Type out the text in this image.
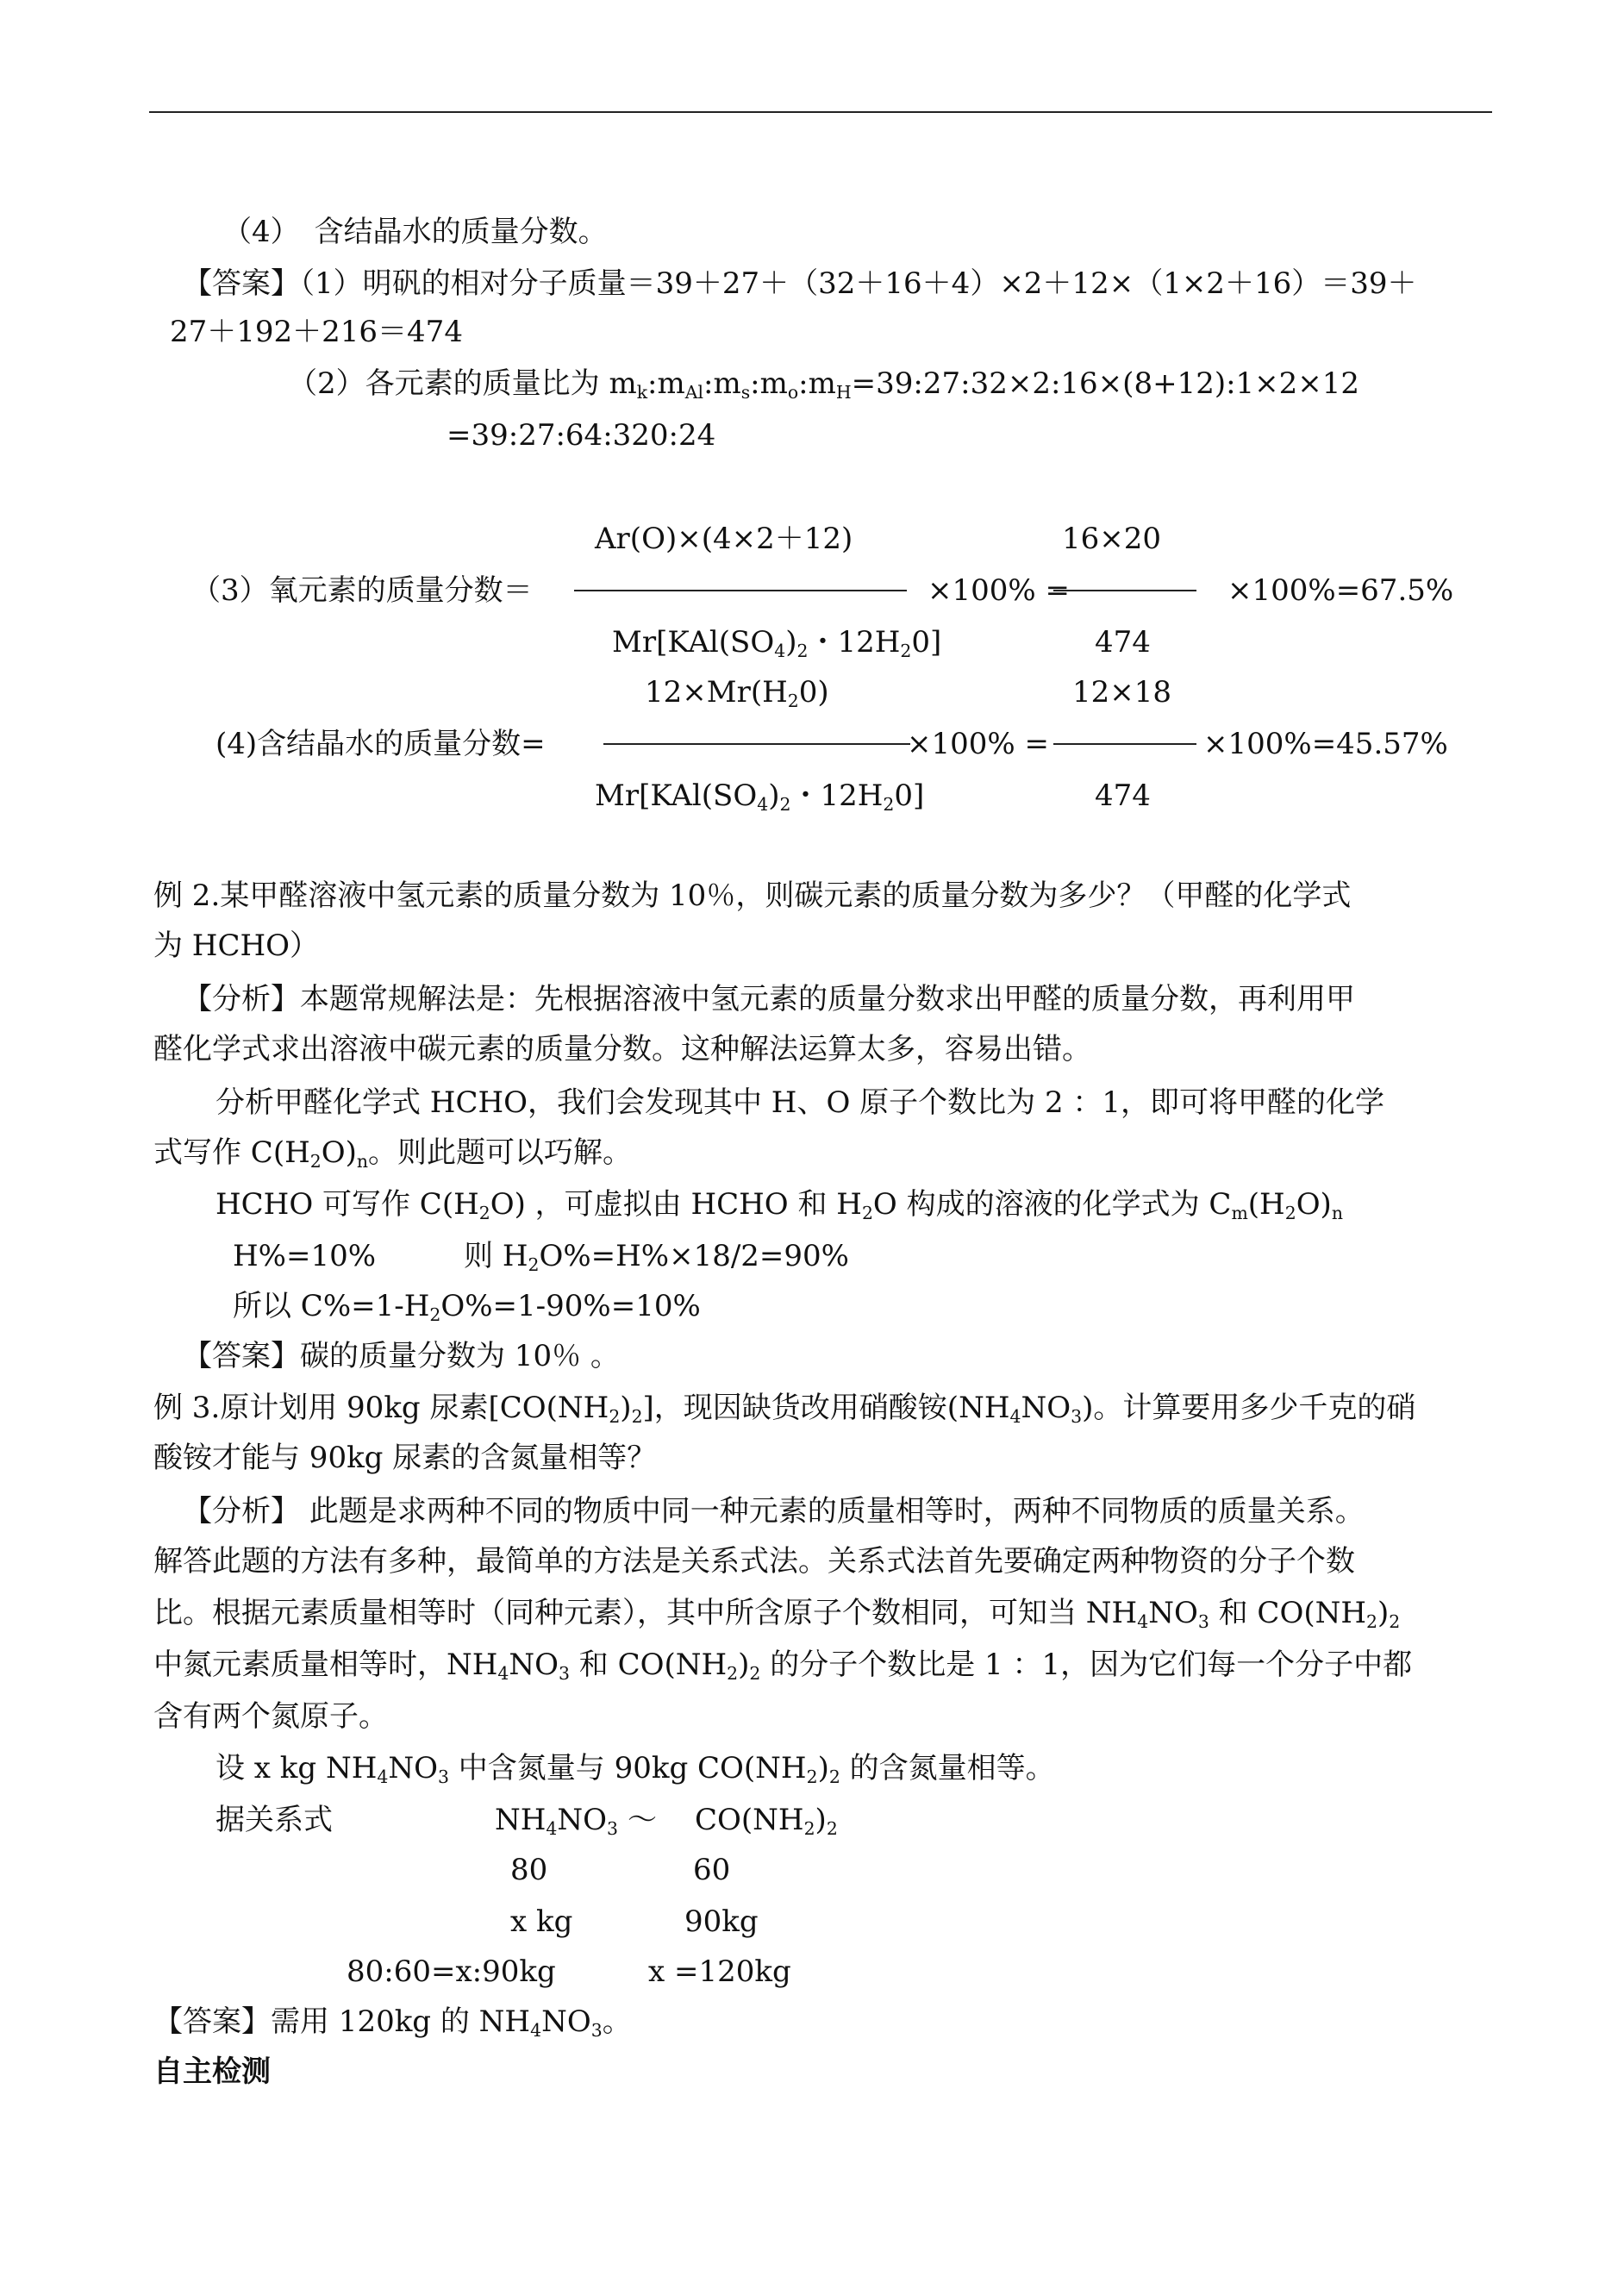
（4）　含结晶水的质量分数。
【答案】（1）明矾的相对分子质量＝39＋27＋（32＋16＋4）×2＋12×（1×2＋16）＝39＋
27＋192＋216＝474
（2）各元素的质量比为 $m_k:m_{Al}:m_s:m_o:m_H=39:27:32\times 2:16\times(8+12):1\times 2\times 12$
=39:27:64:320:24
Ar(O)×(4×2＋12)	16×20
（3）氧元素的质量分数＝	×100% =	×100%=67.5%
$Mr[KAl(SO_4)_2$・$12H_20$]	474
$12\times Mr(H_20)$	12×18
(4)含结晶水的质量分数=	×100% =	×100%=45.57%
$Mr[KAl(SO_4)_2$・$12H_20$]	474
例 2.某甲醛溶液中氢元素的质量分数为 10％，则碳元素的质量分数为多少？（甲醛的化学式
为 HCHO）
【分析】本题常规解法是：先根据溶液中氢元素的质量分数求出甲醛的质量分数，再利用甲
醛化学式求出溶液中碳元素的质量分数。这种解法运算太多，容易出错。
分析甲醛化学式 HCHO，我们会发现其中 H、O 原子个数比为 2 ：1，即可将甲醛的化学
式写作 $C(H_2O)_n$。则此题可以巧解。
HCHO 可写作 $C(H_2O)$ ，可虚拟由 HCHO 和 $H_2O$ 构成的溶液的化学式为 $C_m(H_2O)_n$
H%=10%　　　则 $H_2O\%=H\%\times 18/2=90\%$
所以 $C\%=1-H_2O\%=1-90\%=10\%$
【答案】碳的质量分数为 10％ 。
例 3.原计划用 90kg 尿素$[CO(NH_2)_2]$，现因缺货改用硝酸铵$(NH_4NO_3)$。计算要用多少千克的硝
酸铵才能与 90kg 尿素的含氮量相等？
【分析】 此题是求两种不同的物质中同一种元素的质量相等时，两种不同物质的质量关系。
解答此题的方法有多种，最简单的方法是关系式法。关系式法首先要确定两种物资的分子个数
比。根据元素质量相等时（同种元素），其中所含原子个数相同，可知当 $NH_4NO_3$ 和 $CO(NH_2)_2$
中氮元素质量相等时，$NH_4NO_3$ 和 $CO(NH_2)_2$ 的分子个数比是 1 ：1，因为它们每一个分子中都
含有两个氮原子。
设 x kg $NH_4NO_3$ 中含氮量与 90kg $CO(NH_2)_2$ 的含氮量相等。
据关系式	$NH_4NO_3$ ～ $CO(NH_2)_2$
80	60
x kg	90kg
80:60=x:90kg	x =120kg
【答案】需用 120kg 的 $NH_4NO_3$。
自主检测
